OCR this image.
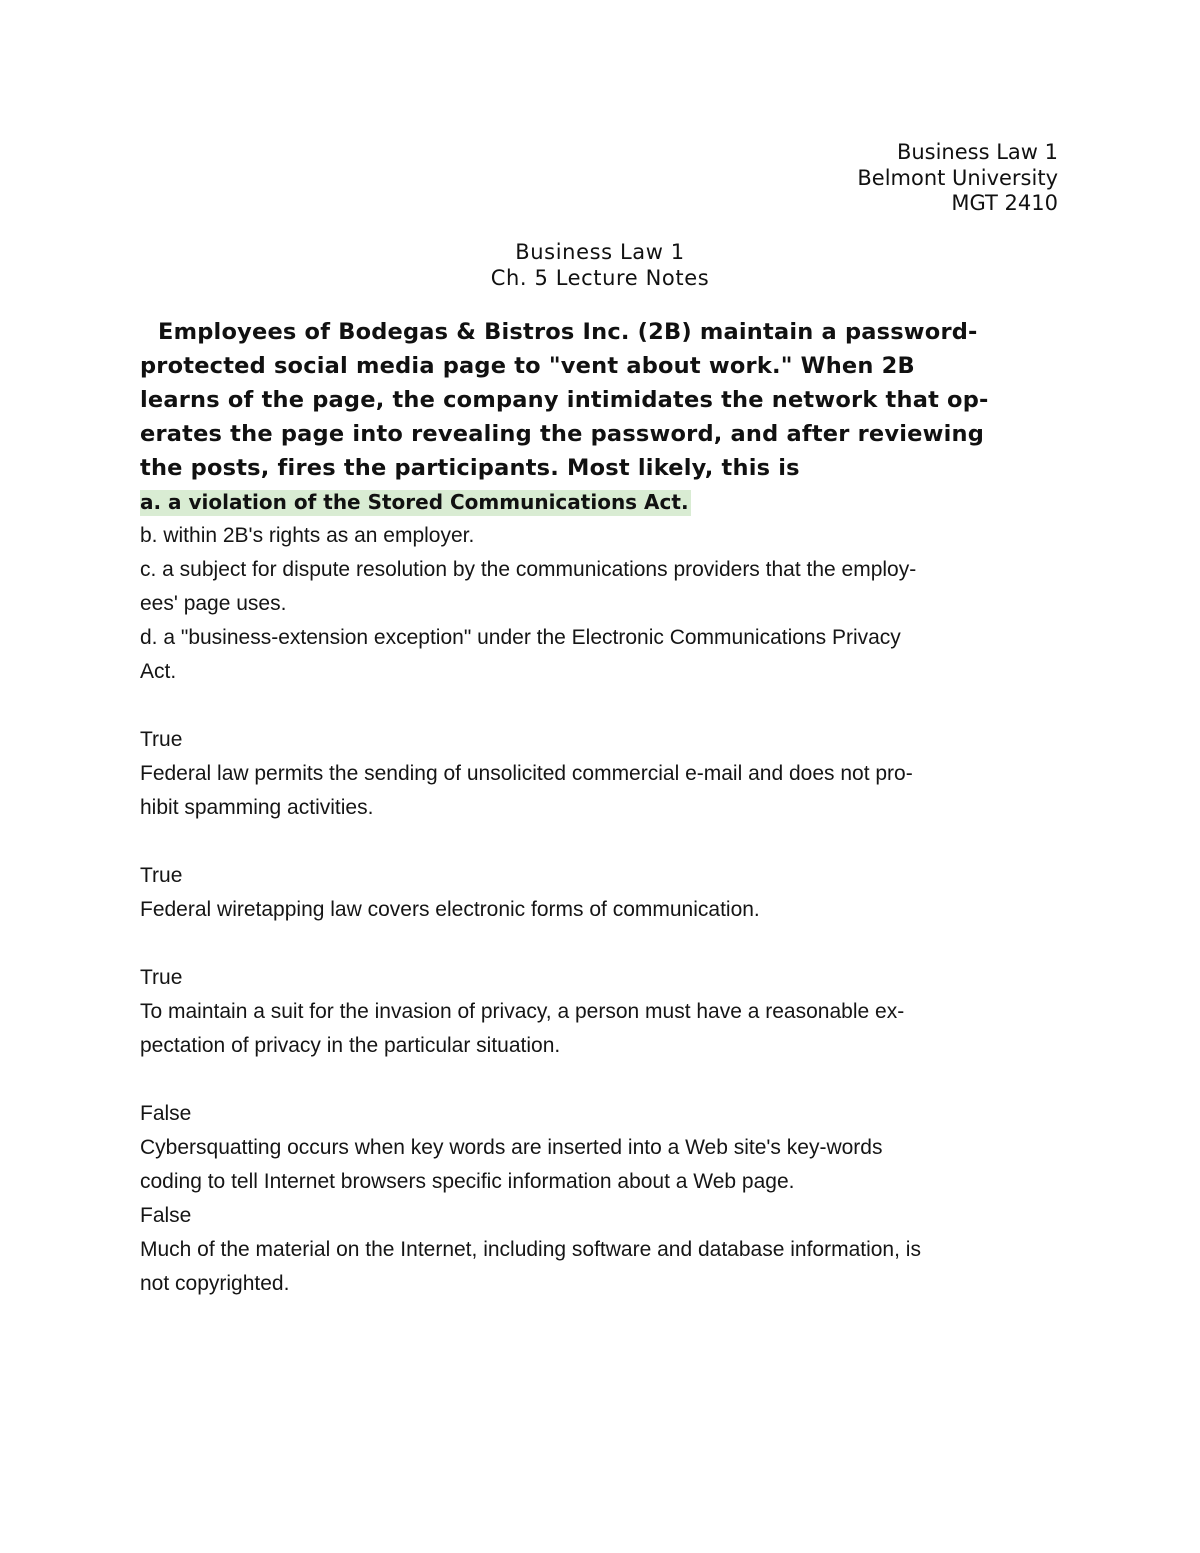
Business Law 1
Belmont University
MGT 2410
Business Law 1
Ch. 5 Lecture Notes
Employees of Bodegas & Bistros Inc. (2B) maintain a password-
protected social media page to "vent about work." When 2B
learns of the page, the company intimidates the network that op-
erates the page into revealing the password, and after reviewing
the posts, fires the participants. Most likely, this is

a. a violation of the Stored Communications Act.

b. within 2B's rights as an employer.
c. a subject for dispute resolution by the communications providers that the employ-
ees' page uses.
d. a "business-extension exception" under the Electronic Communications Privacy
Act.
True
Federal law permits the sending of unsolicited commercial e-mail and does not pro-
hibit spamming activities.
True
Federal wiretapping law covers electronic forms of communication.
True
To maintain a suit for the invasion of privacy, a person must have a reasonable ex-
pectation of privacy in the particular situation.
False
Cybersquatting occurs when key words are inserted into a Web site's key-words
coding to tell Internet browsers specific information about a Web page.
False
Much of the material on the Internet, including software and database information, is
not copyrighted.
